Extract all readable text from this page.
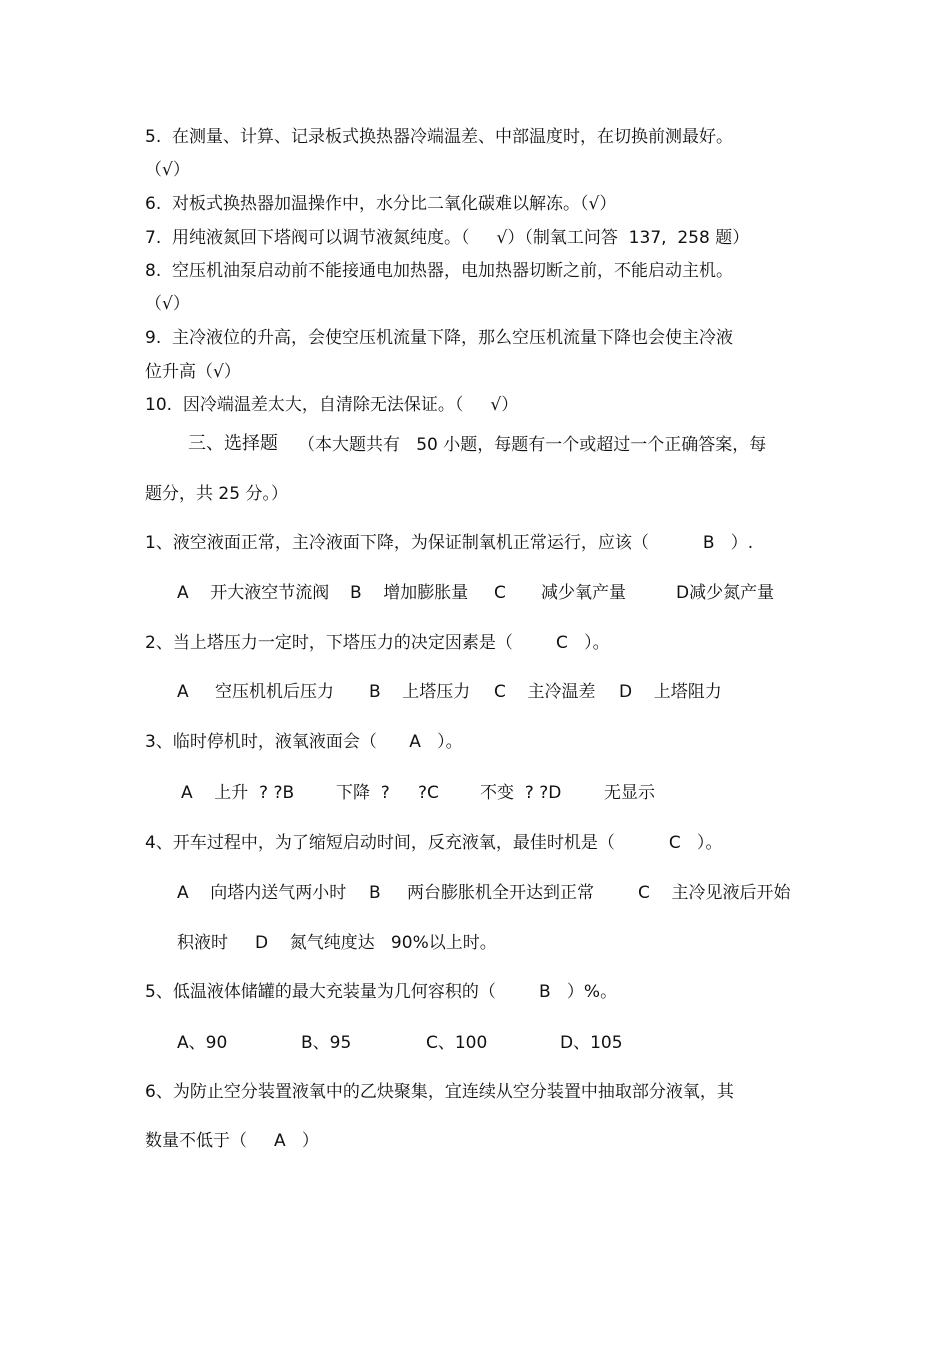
5.  在测量、计算、记录板式换热器冷端温差、中部温度时，在切换前测最好。
（√）
6.  对板式换热器加温操作中，水分比二氧化碳难以解冻。（√）
7.  用纯液氮回下塔阀可以调节液氮纯度。（     √）（制氧工问答  137,  258 题）
8.  空压机油泵启动前不能接通电加热器，电加热器切断之前，不能启动主机。
（√）
9.  主冷液位的升高，会使空压机流量下降，那么空压机流量下降也会使主冷液
位升高（√）
10.  因冷端温差太大，自清除无法保证。（     √）
三、选择题 （本大题共有   50 小题，每题有一个或超过一个正确答案，每
题分，共 25 分。）
1、液空液面正常，主冷液面下降，为保证制氧机正常运行，应该（          B   ）.
A    开大液空节流阀 B    增加膨胀量 C 减少氧产量	D减少氮产量
2、当上塔压力一定时，下塔压力的决定因素是（        C   ）。
A 空压机机后压力 B    上塔压力 C    主冷温差 D    上塔阻力
3、临时停机时，液氧液面会（      A   ）。
A    上升  ? ?B 下降  ? ?C 不变  ? ?D	无显示
4、开车过程中，为了缩短启动时间，反充液氧，最佳时机是（          C   ）。
A    向塔内送气两小时 B 两台膨胀机全开达到正常	C    主冷见液后开始
积液时     D    氮气纯度达   90%以上时。
5、低温液体储罐的最大充装量为几何容积的（        B   ）%。
A、90	B、95	C、100	D、105
6、为防止空分装置液氧中的乙炔聚集，宜连续从空分装置中抽取部分液氧，其
数量不低于（     A   ）
